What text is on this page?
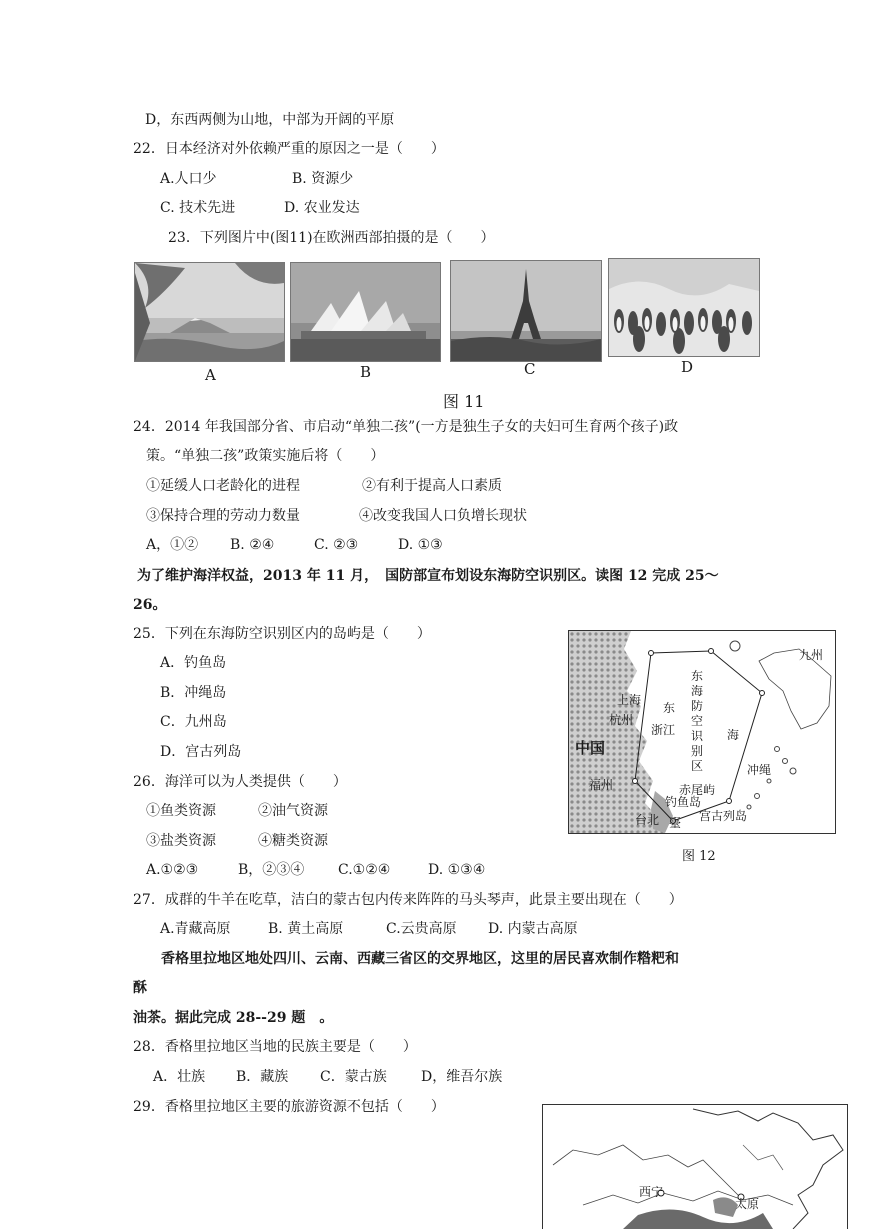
D，东西两侧为山地，中部为开阔的平原
22．日本经济对外依赖严重的原因之一是（　　）
A.人口少	B. 资源少
C. 技术先进	D. 农业发达
23．下列图片中(图11)在欧洲西部拍摄的是（　　）
A	B	C	D
图 11
24．2014 年我国部分省、市启动“单独二孩”(一方是独生子女的夫妇可生育两个孩子)政
策。“单独二孩”政策实施后将（　　）
①延缓人口老龄化的进程	②有利于提高人口素质
③保持合理的劳动力数量	④改变我国人口负增长现状
A，①② B. ②④	C. ②③	D. ①③
为了维护海洋权益，2013 年 11 月，　国防部宣布划设东海防空识别区。读图 12 完成 25～
26。
25．下列在东海防空识别区内的岛屿是（　　）
A．钓鱼岛
B．冲绳岛
C．九州岛
D．宫古列岛
九州
上海
杭州
中国
福州
台北
东
海
防
空
识
别
区
东
浙江	海
冲绳
赤尾屿
钓鱼岛
宫古列岛
臺
图 12
26．海洋可以为人类提供（　　）
①鱼类资源	②油气资源
③盐类资源	④糖类资源
A.①②③	B，②③④ C.①②④	D. ①③④
27．成群的牛羊在吃草，洁白的蒙古包内传来阵阵的马头琴声，此景主要出现在（　　）
A.青藏高原	B. 黄土高原	C.云贵高原 D. 内蒙古高原
香格里拉地区地处四川、云南、西藏三省区的交界地区，这里的居民喜欢制作糌粑和
酥
油茶。据此完成 28--29 题　。
28．香格里拉地区当地的民族主要是（　　）
A．壮族 B．藏族 C．蒙古族 D，维吾尔族
29．香格里拉地区主要的旅游资源不包括（　　）
西宁
太原
